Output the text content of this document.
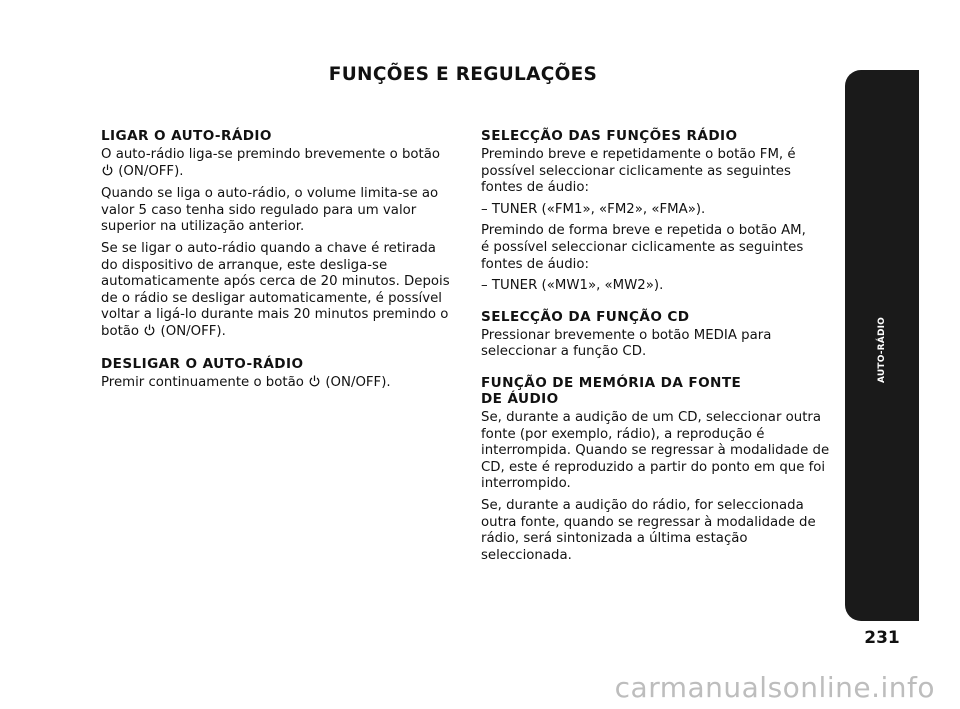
FUNÇÕES E REGULAÇÕES
LIGAR O AUTO-RÁDIO

O auto-rádio liga-se premindo brevemente o botão  (ON/OFF).

Quando se liga o auto-rádio, o volume limita-se ao valor 5 caso tenha sido regulado para um valor superior na utilização anterior.

Se se ligar o auto-rádio quando a chave é retirada do dispositivo de arranque, este desliga-se automaticamente após cerca de 20 minutos. Depois de o rádio se desligar automaticamente, é possível voltar a ligá-lo durante mais 20 minutos premindo o botão (ON/OFF).

DESLIGAR O AUTO-RÁDIO

Premir continuamente o botão (ON/OFF).

SELECÇÃO DAS FUNÇÕES RÁDIO

Premindo breve e repetidamente o botão FM, é possível seleccionar ciclicamente as seguintes fontes de áudio:

– TUNER («FM1», «FM2», «FMA»).

Premindo de forma breve e repetida o botão AM,
é possível seleccionar ciclicamente as seguintes fontes de áudio:

– TUNER («MW1», «MW2»).

SELECÇÃO DA FUNÇÃO CD

Pressionar brevemente o botão MEDIA para seleccionar a função CD.

FUNÇÃO DE MEMÓRIA DA FONTE
DE ÁUDIO

Se, durante a audição de um CD, seleccionar outra fonte (por exemplo, rádio), a reprodução é interrompida. Quando se regressar à modalidade de CD, este é reproduzido a partir do ponto em que foi interrompido.

Se, durante a audição do rádio, for seleccionada outra fonte, quando se regressar à modalidade de rádio, será sintonizada a última estação seleccionada.

AUTO-RÁDIO
231
carmanualsonline.info
